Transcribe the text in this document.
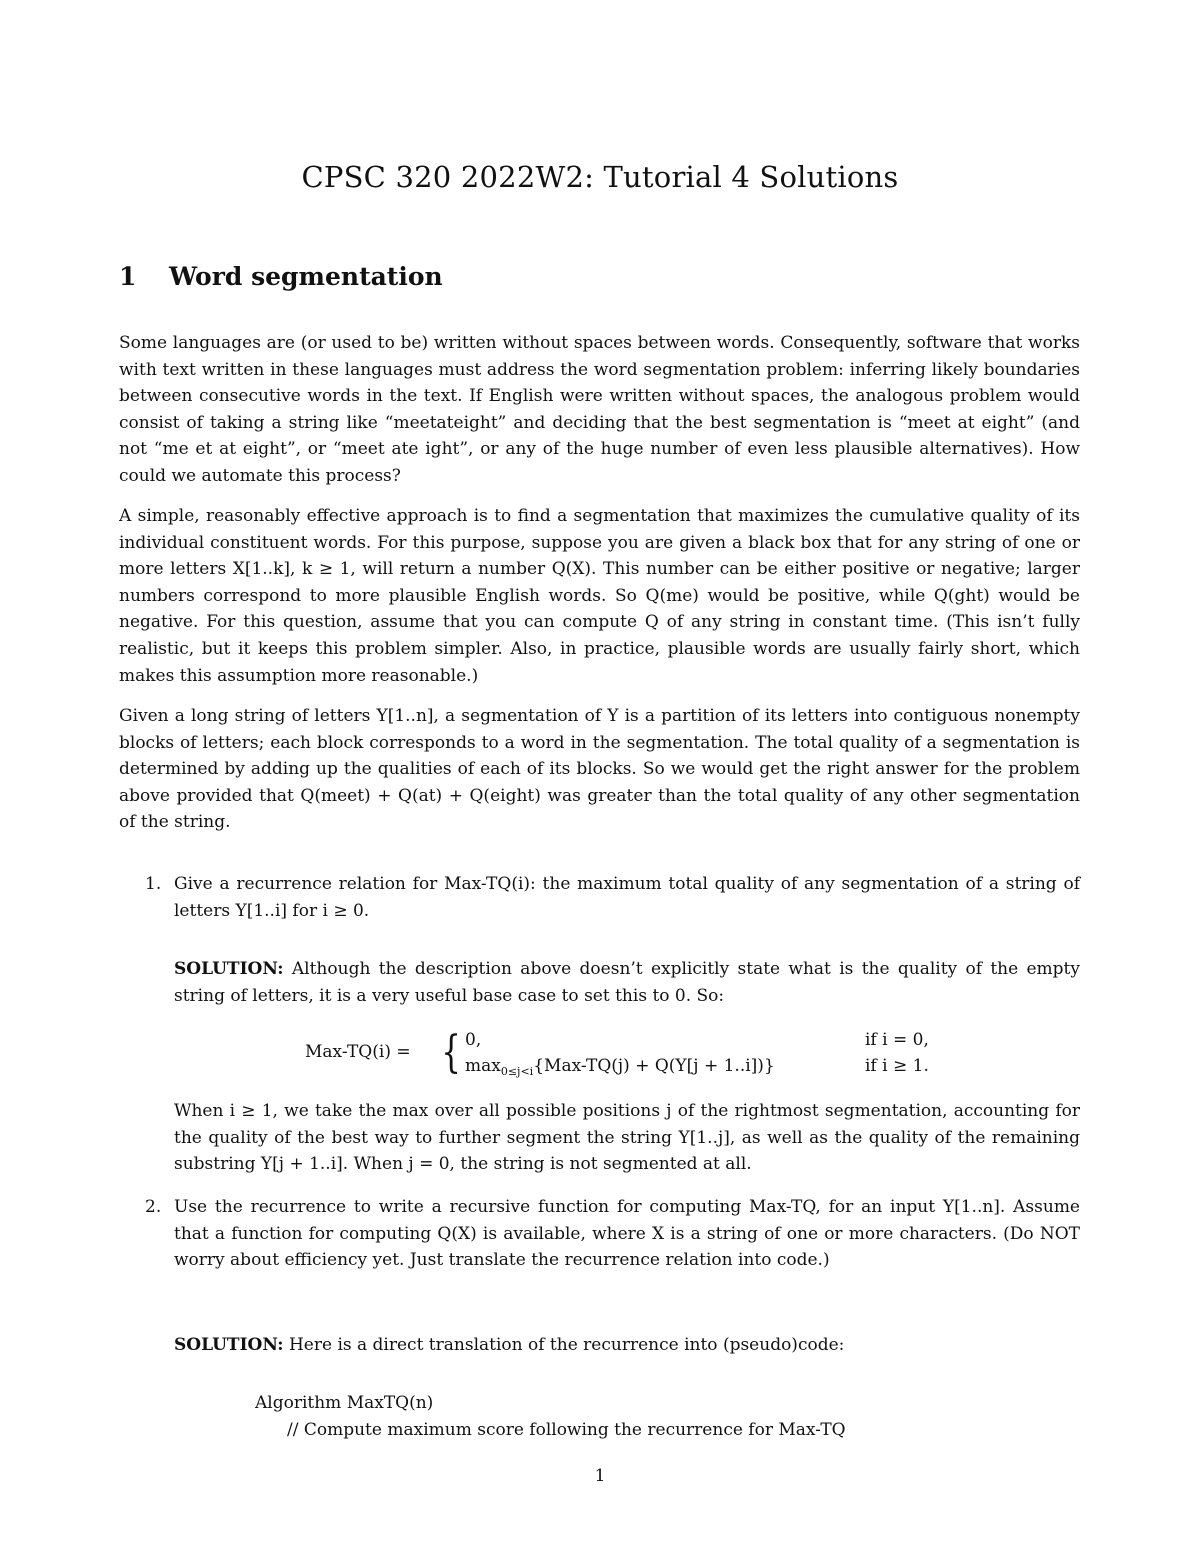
CPSC 320 2022W2: Tutorial 4 Solutions
1 Word segmentation
Some languages are (or used to be) written without spaces between words. Consequently, software that works with text written in these languages must address the word segmentation problem: inferring likely boundaries between consecutive words in the text. If English were written without spaces, the analogous problem would consist of taking a string like “meetateight” and deciding that the best segmentation is “meet at eight” (and not “me et at eight”, or “meet ate ight”, or any of the huge number of even less plausible alternatives). How could we automate this process?
A simple, reasonably effective approach is to find a segmentation that maximizes the cumulative quality of its individual constituent words. For this purpose, suppose you are given a black box that for any string of one or more letters X[1..k], k ≥ 1, will return a number Q(X). This number can be either positive or negative; larger numbers correspond to more plausible English words. So Q(me) would be positive, while Q(ght) would be negative. For this question, assume that you can compute Q of any string in constant time. (This isn’t fully realistic, but it keeps this problem simpler. Also, in practice, plausible words are usually fairly short, which makes this assumption more reasonable.)
Given a long string of letters Y[1..n], a segmentation of Y is a partition of its letters into contiguous nonempty blocks of letters; each block corresponds to a word in the segmentation. The total quality of a segmentation is determined by adding up the qualities of each of its blocks. So we would get the right answer for the problem above provided that Q(meet) + Q(at) + Q(eight) was greater than the total quality of any other segmentation of the string.
1. Give a recurrence relation for Max-TQ(i): the maximum total quality of any segmentation of a string of letters Y[1..i] for i ≥ 0.
SOLUTION: Although the description above doesn’t explicitly state what is the quality of the empty string of letters, it is a very useful base case to set this to 0. So:
Max-TQ(i) = { 0,
$\max_{0\le j<i}\{Max-TQ(j) + Q(Y[j + 1..i])\}$
if i = 0,
if i ≥ 1.
When i ≥ 1, we take the max over all possible positions j of the rightmost segmentation, accounting for the quality of the best way to further segment the string Y[1..j], as well as the quality of the remaining substring Y[j + 1..i]. When j = 0, the string is not segmented at all.
2. Use the recurrence to write a recursive function for computing Max-TQ, for an input Y[1..n]. Assume that a function for computing Q(X) is available, where X is a string of one or more characters. (Do NOT worry about efficiency yet. Just translate the recurrence relation into code.)
SOLUTION: Here is a direct translation of the recurrence into (pseudo)code:
Algorithm MaxTQ(n)
// Compute maximum score following the recurrence for Max-TQ
1
